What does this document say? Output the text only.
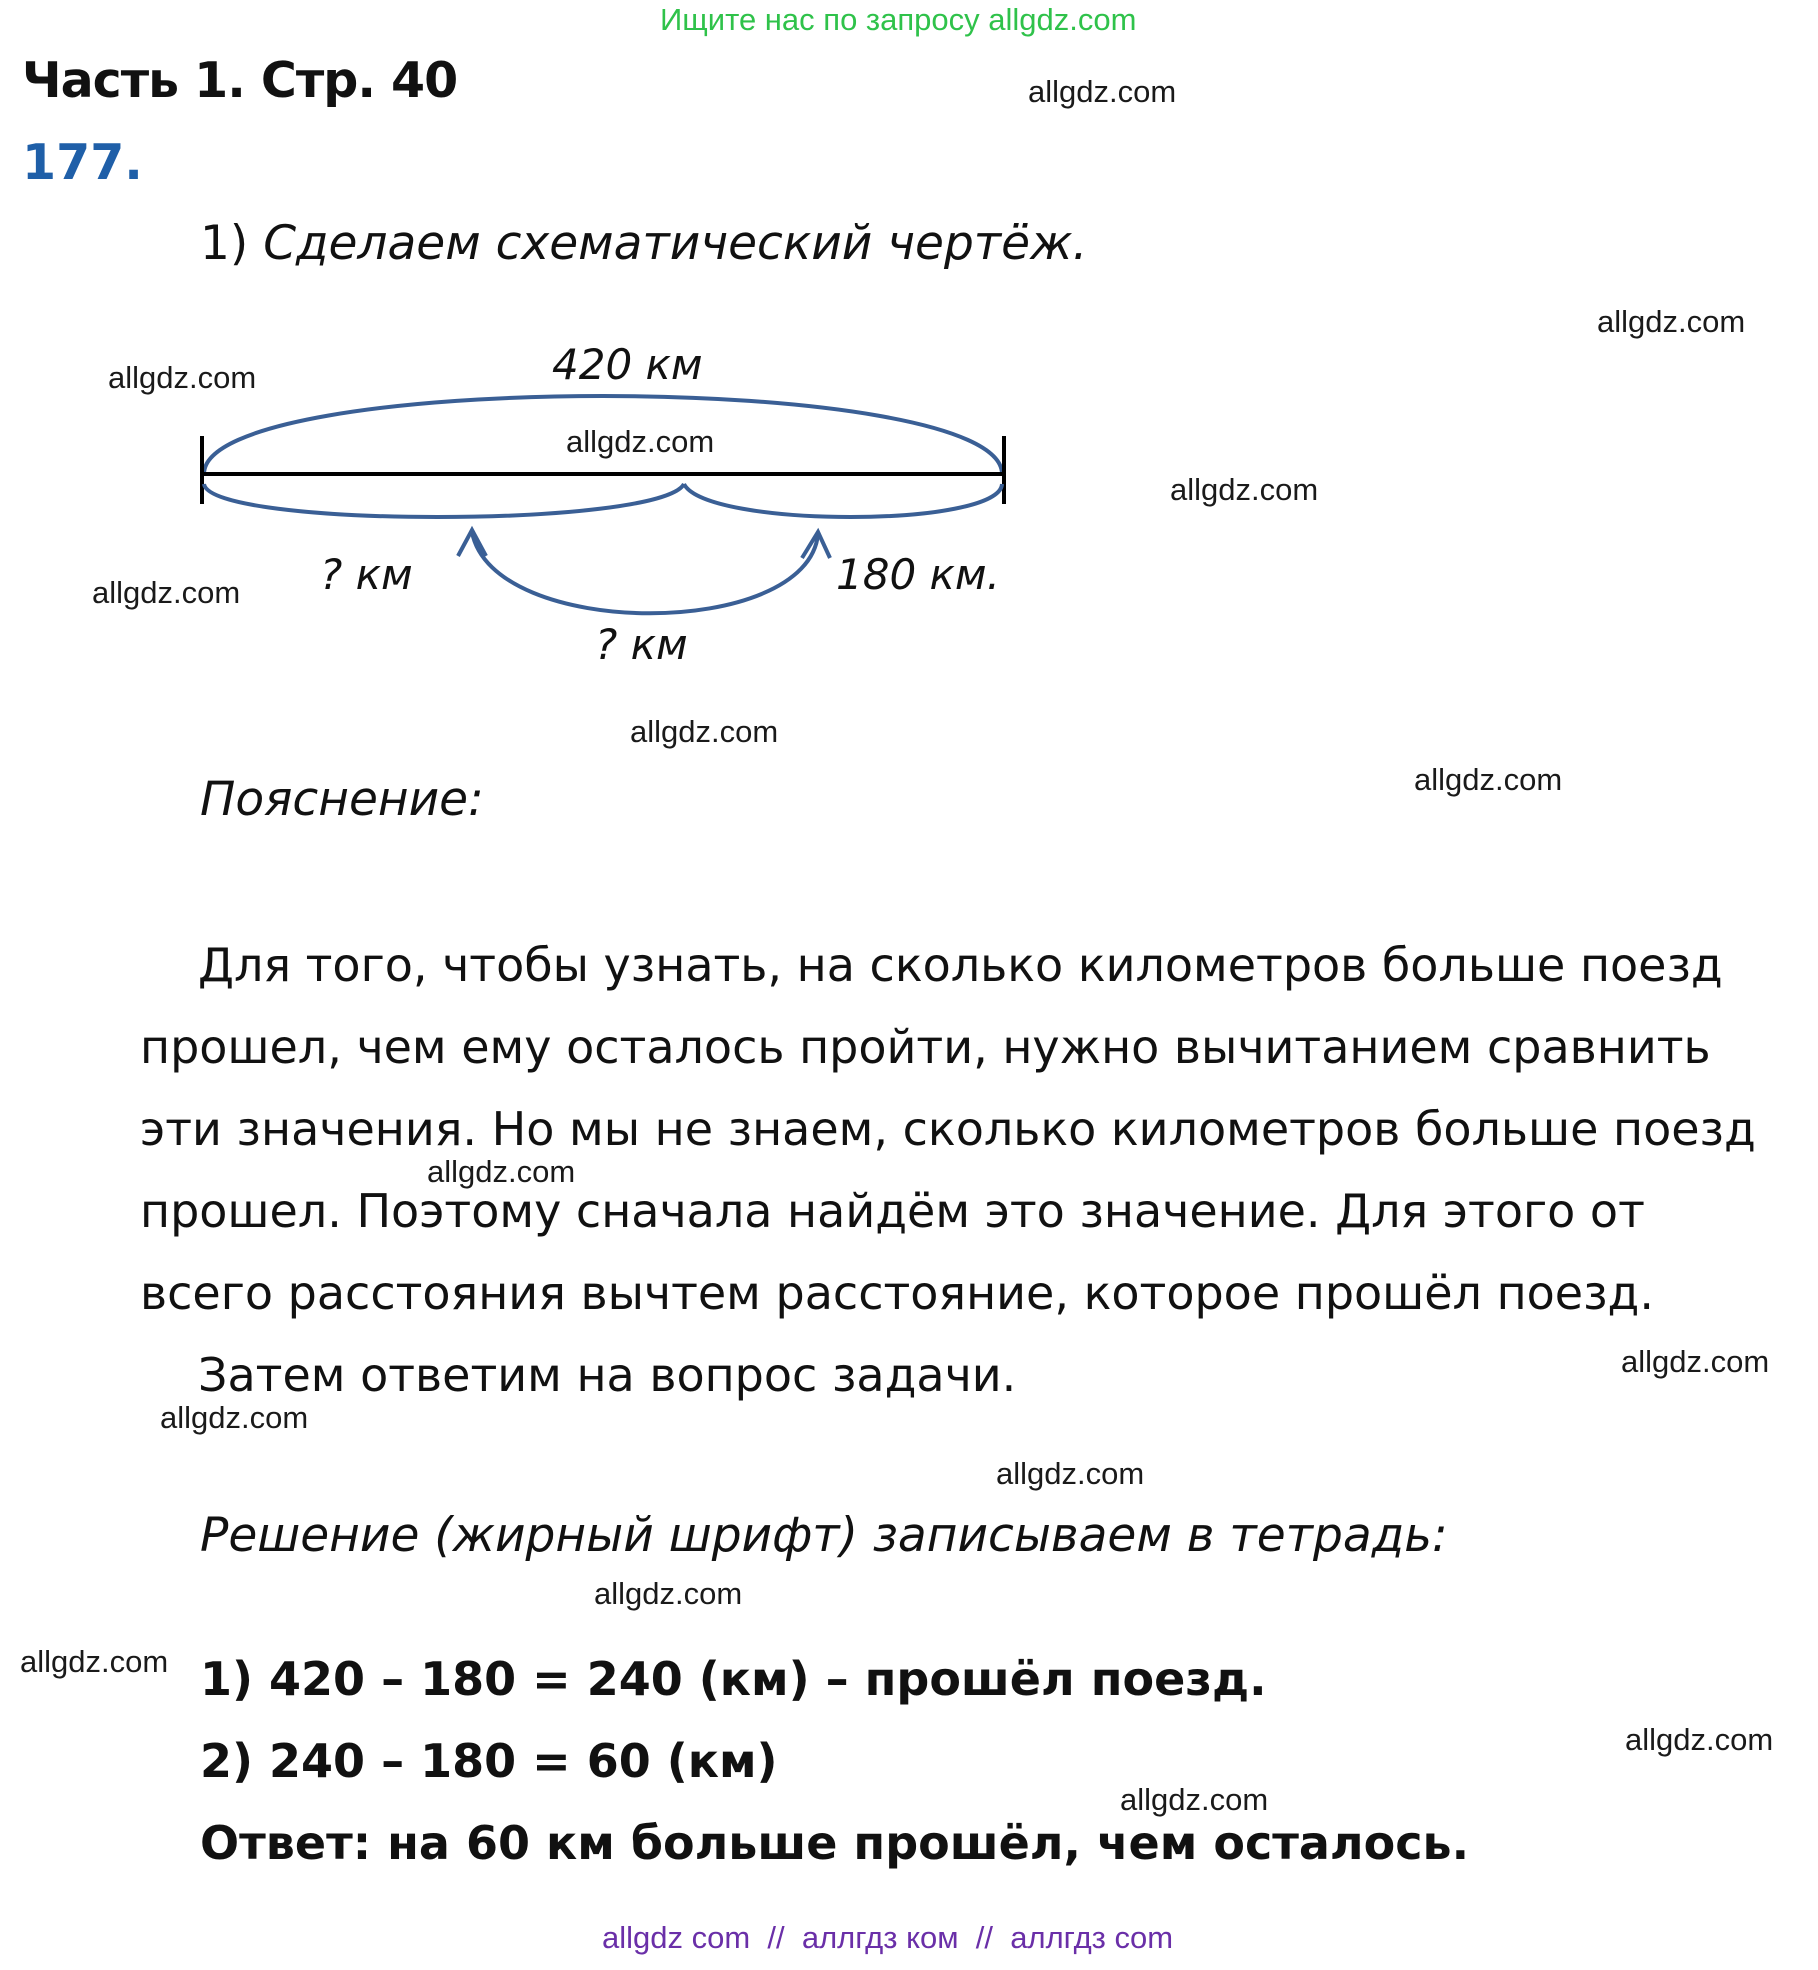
Ищите нас по запросу allgdz.com
Часть 1. Стр. 40
177.
1) Сделаем схематический чертёж.
420 км
? км	180 км.
? км
Пояснение:
Для того, чтобы узнать, на сколько километров больше поезд
прошел, чем ему осталось пройти, нужно вычитанием сравнить
эти значения. Но мы не знаем, сколько километров больше поезд
прошел. Поэтому сначала найдём это значение. Для этого от
всего расстояния вычтем расстояние, которое прошёл поезд.
Затем ответим на вопрос задачи.
Решение (жирный шрифт) записываем в тетрадь:
1) 420 – 180 = 240 (км) – прошёл поезд.
2) 240 – 180 = 60 (км)
Ответ: на 60 км больше прошёл, чем осталось.
allgdz.com
allgdz.com
allgdz.com
allgdz.com
allgdz.com
allgdz.com
allgdz.com
allgdz.com
allgdz.com
allgdz.com
allgdz.com
allgdz.com
allgdz.com
allgdz.com
allgdz.com
allgdz.com
allgdz com  //  аллгдз ком  //  аллгдз com
